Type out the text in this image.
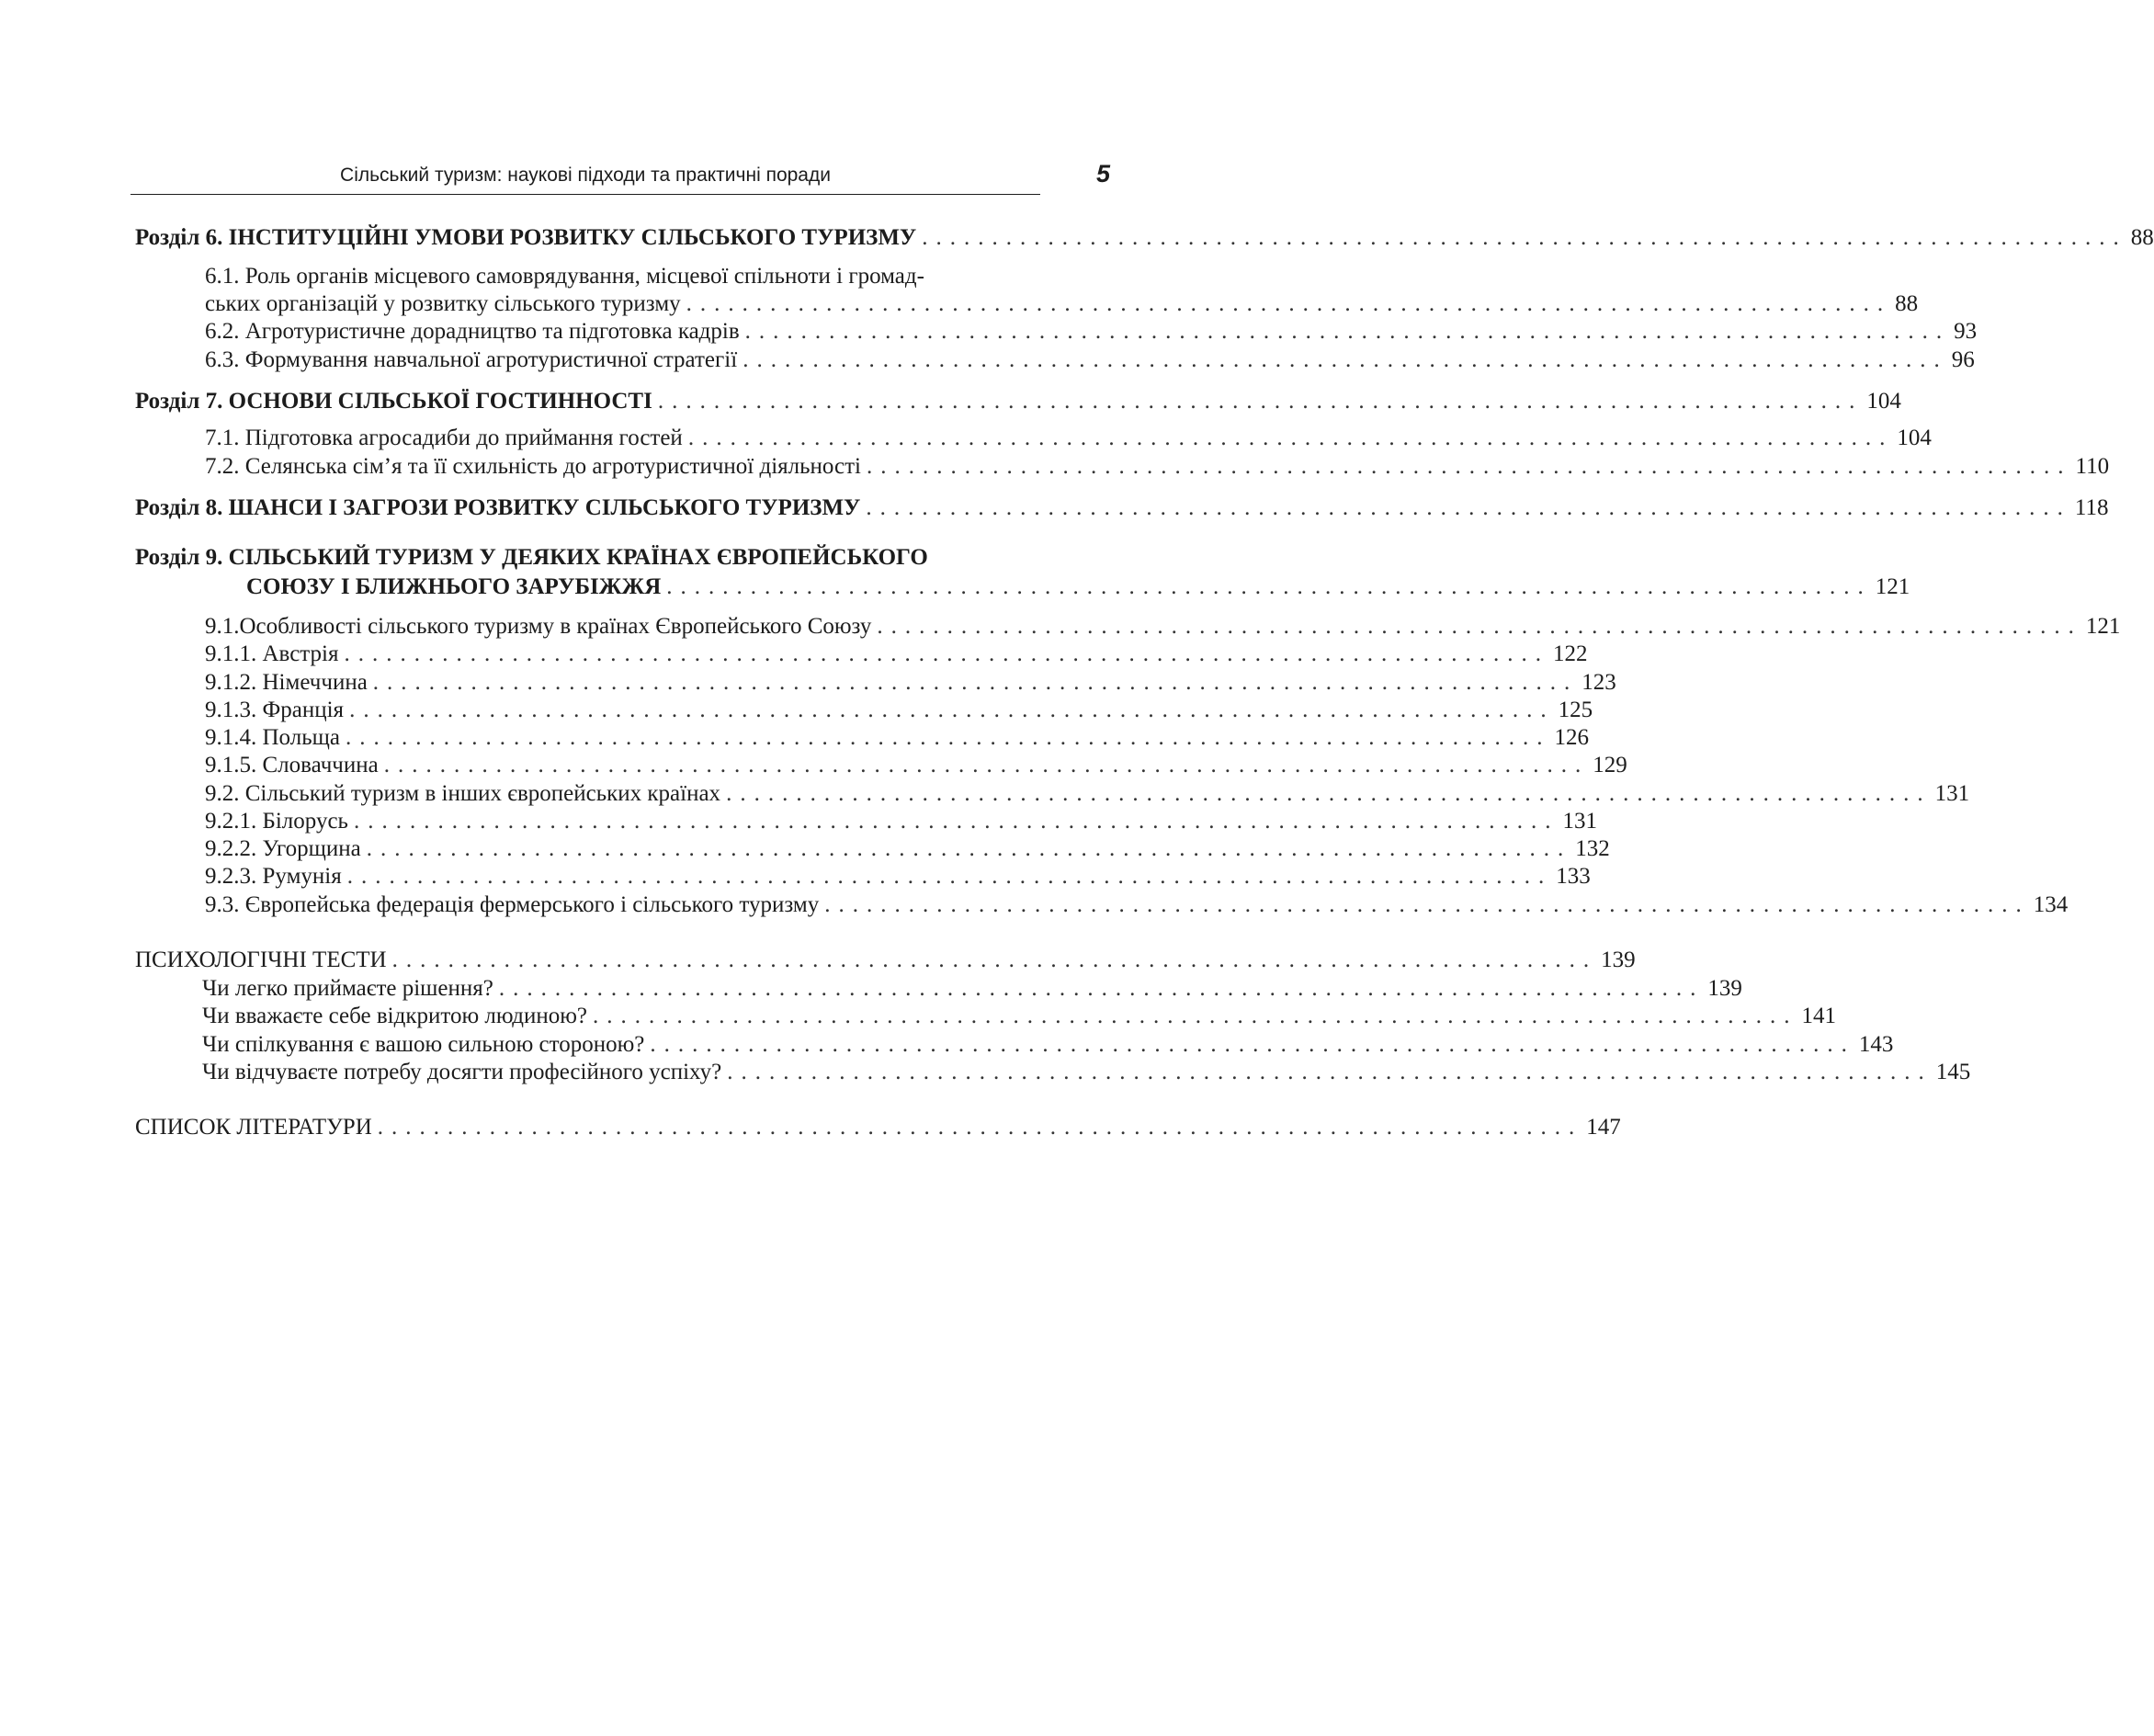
Сільський туризм: наукові підходи та практичні поради	5
Розділ 6. ІНСТИТУЦІЙНІ УМОВИ РОЗВИТКУ СІЛЬСЬКОГО ТУРИЗМУ ...................................................................................... 88
6.1. Роль органів місцевого самоврядування, місцевої спільноти і громад-
ських організацій у розвитку сільського туризму ...................................................................................... 88
6.2. Агротуристичне дорадництво та підготовка кадрів ...................................................................................... 93
6.3. Формування навчальної агротуристичної стратегії ...................................................................................... 96
Розділ 7. ОСНОВИ СІЛЬСЬКОЇ ГОСТИННОСТІ ...................................................................................... 104
7.1. Підготовка агросадиби до приймання гостей ...................................................................................... 104
7.2. Селянська сім’я та її схильність до агротуристичної діяльності ...................................................................................... 110
Розділ 8. ШАНСИ І ЗАГРОЗИ РОЗВИТКУ СІЛЬСЬКОГО ТУРИЗМУ ...................................................................................... 118
Розділ 9. СІЛЬСЬКИЙ ТУРИЗМ У ДЕЯКИХ КРАЇНАХ ЄВРОПЕЙСЬКОГО
СОЮЗУ І БЛИЖНЬОГО ЗАРУБІЖЖЯ ...................................................................................... 121
9.1.Особливості сільського туризму в країнах Європейського Союзу ...................................................................................... 121
9.1.1. Австрія ...................................................................................... 122
9.1.2. Німеччина ...................................................................................... 123
9.1.3. Франція ...................................................................................... 125
9.1.4. Польща ...................................................................................... 126
9.1.5. Словаччина ...................................................................................... 129
9.2. Сільський туризм в інших європейських країнах ...................................................................................... 131
9.2.1. Білорусь ...................................................................................... 131
9.2.2. Угорщина ...................................................................................... 132
9.2.3. Румунія ...................................................................................... 133
9.3. Європейська федерація фермерського і сільського туризму ...................................................................................... 134
ПСИХОЛОГІЧНІ ТЕСТИ ...................................................................................... 139
Чи легко приймаєте рішення? ...................................................................................... 139
Чи вважаєте себе відкритою людиною? ...................................................................................... 141
Чи спілкування є вашою сильною стороною? ...................................................................................... 143
Чи відчуваєте потребу досягти професійного успіху? ...................................................................................... 145
СПИСОК ЛІТЕРАТУРИ ...................................................................................... 147
